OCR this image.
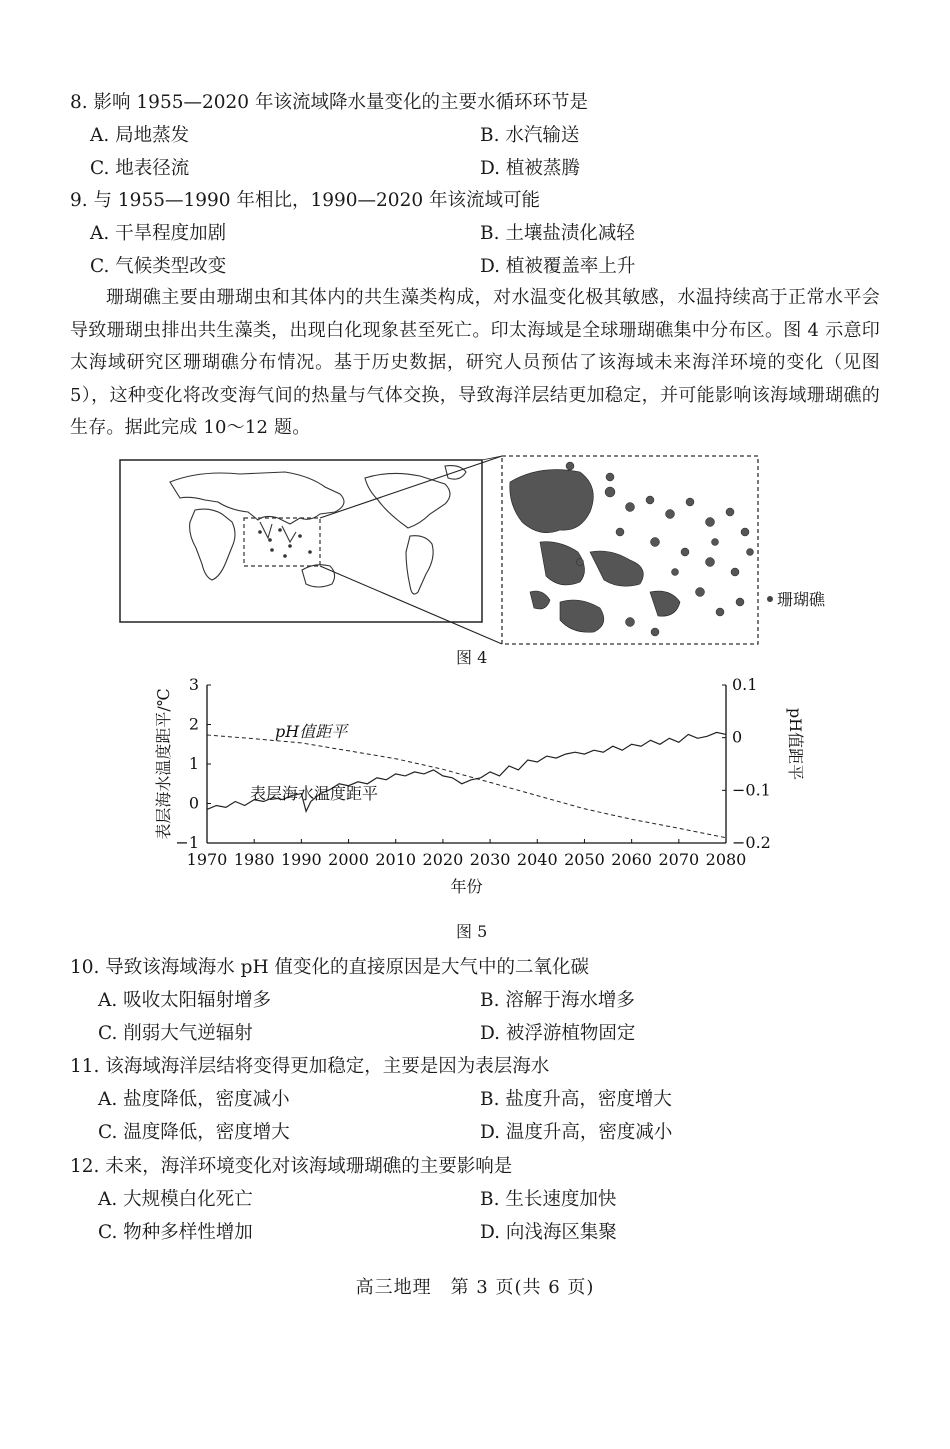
8. 影响 1955—2020 年该流域降水量变化的主要水循环环节是
A. 局地蒸发	B. 水汽输送
C. 地表径流	D. 植被蒸腾
9. 与 1955—1990 年相比，1990—2020 年该流域可能
A. 干旱程度加剧	B. 土壤盐渍化减轻
C. 气候类型改变	D. 植被覆盖率上升
珊瑚礁主要由珊瑚虫和其体内的共生藻类构成，对水温变化极其敏感，水温持续高于正常水平会导致珊瑚虫排出共生藻类，出现白化现象甚至死亡。印太海域是全球珊瑚礁集中分布区。图 4 示意印太海域研究区珊瑚礁分布情况。基于历史数据，研究人员预估了该海域未来海洋环境的变化（见图 5），这种变化将改变海气间的热量与气体交换，导致海洋层结更加稳定，并可能影响该海域珊瑚礁的生存。据此完成 10～12 题。
珊瑚礁
图 4
1970 1980 1990 2000 2010 2020 2030 2040 2050 2060 2070 2080
3
2
1
0
−1
0.1
0
−0.1
−0.2
pH值距平
表层海水温度距平
年份
表层海水温度距平/℃	pH值距平
图 5
10. 导致该海域海水 pH 值变化的直接原因是大气中的二氧化碳
A. 吸收太阳辐射增多	B. 溶解于海水增多
C. 削弱大气逆辐射	D. 被浮游植物固定
11. 该海域海洋层结将变得更加稳定，主要是因为表层海水
A. 盐度降低，密度减小	B. 盐度升高，密度增大
C. 温度降低，密度增大	D. 温度升高，密度减小
12. 未来，海洋环境变化对该海域珊瑚礁的主要影响是
A. 大规模白化死亡	B. 生长速度加快
C. 物种多样性增加	D. 向浅海区集聚
高三地理　第 3 页(共 6 页)
